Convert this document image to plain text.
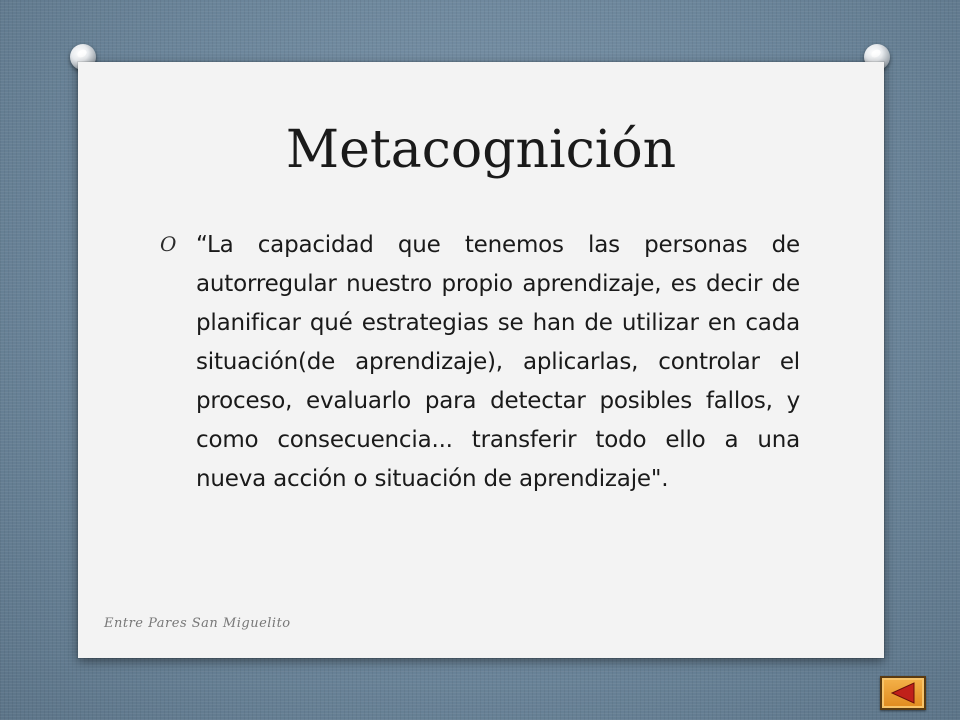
Metacognición
O “La capacidad que tenemos las personas de autorregular nuestro propio aprendizaje, es decir de planificar qué estrategias se han de utilizar en cada situación(de aprendizaje), aplicarlas, controlar el proceso, evaluarlo para detectar posibles fallos, y como consecuencia... transferir todo ello a una nueva acción o situación de aprendizaje".
Entre Pares San Miguelito
